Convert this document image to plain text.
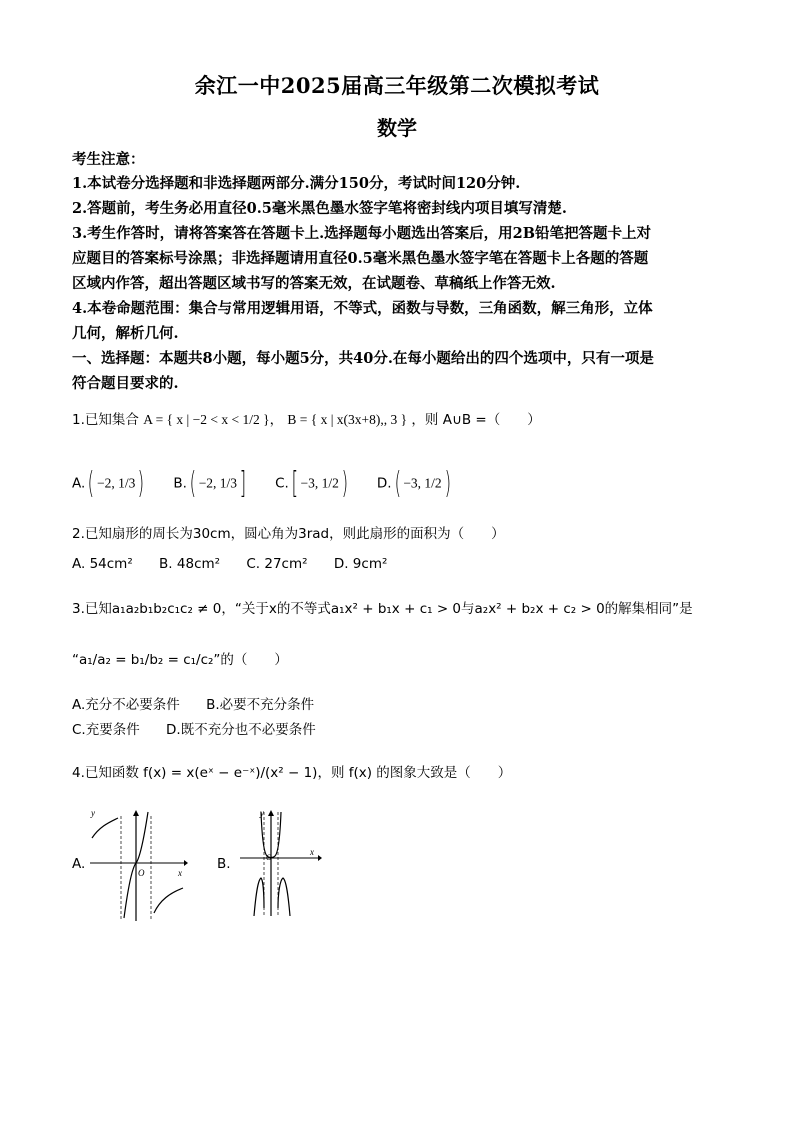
余江一中2025届高三年级第二次模拟考试
数学
考生注意：
1.本试卷分选择题和非选择题两部分.满分150分，考试时间120分钟.
2.答题前，考生务必用直径0.5毫米黑色墨水签字笔将密封线内项目填写清楚.
3.考生作答时，请将答案答在答题卡上.选择题每小题选出答案后，用2B铅笔把答题卡上对
应题目的答案标号涂黑；非选择题请用直径0.5毫米黑色墨水签字笔在答题卡上各题的答题
区域内作答，超出答题区域书写的答案无效，在试题卷、草稿纸上作答无效.
4.本卷命题范围：集合与常用逻辑用语，不等式，函数与导数，三角函数，解三角形，立体
几何，解析几何.
一、选择题：本题共8小题，每小题5分，共40分.在每小题给出的四个选项中，只有一项是
符合题目要求的.
1.已知集合 A = { x | −2 < x < 1/2 }， B = { x | x(3x+8),, 3 } ，则 A∪B =（　　）
A.( −2, 1/3) B.( −2, 1/3] C.[ −3, 1/2) D.( −3, 1/2)
2.已知扇形的周长为30cm，圆心角为3rad，则此扇形的面积为（　　）
A. 54cm² B. 48cm² C. 27cm² D. 9cm²
3.已知a₁a₂b₁b₂c₁c₂ ≠ 0，“关于x的不等式a₁x² + b₁x + c₁ > 0与a₂x² + b₂x + c₂ > 0的解集相同”是
“a₁/a₂ = b₁/b₂ = c₁/c₂”的（　　）
A.充分不必要条件 B.必要不充分条件
C.充要条件 D.既不充分也不必要条件
4.已知函数 f(x) = x(eˣ − e⁻ˣ)/(x² − 1)，则 f(x) 的图象大致是（　　）
A.
y
x
O
B.
y
x
O
